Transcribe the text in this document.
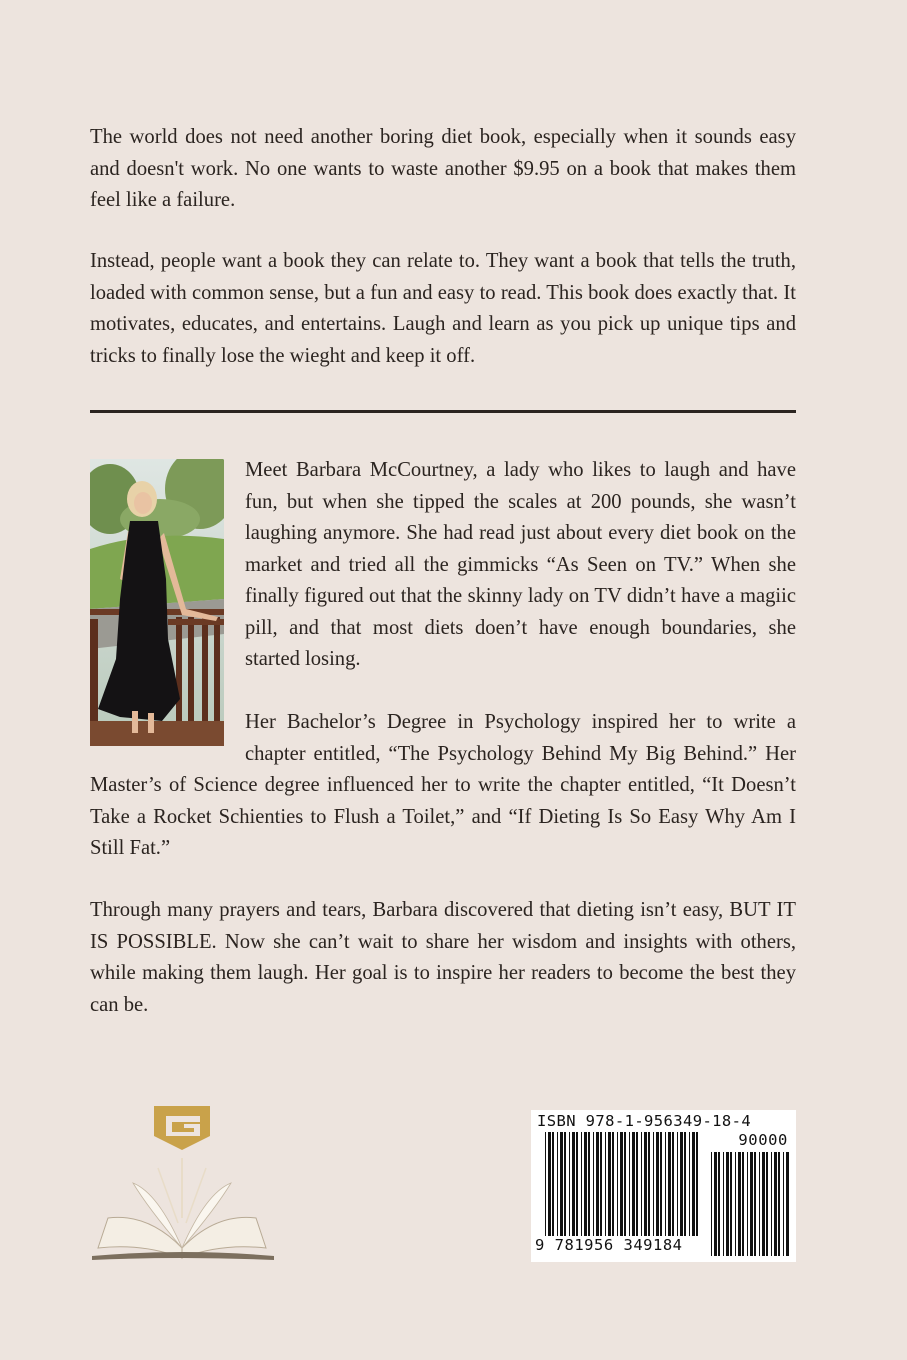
The world does not need another boring diet book, especially when it sounds easy and doesn't work. No one wants to waste another $9.95 on a book that makes them feel like a failure.

Instead, people want a book they can relate to. They want a book that tells the truth, loaded with common sense, but a fun and easy to read. This book does exactly that. It motivates, educates, and entertains. Laugh and learn as you pick up unique tips and tricks to finally lose the wieght and keep it off.

Meet Barbara McCourtney, a lady who likes to laugh and have fun, but when she tipped the scales at 200 pounds, she wasn’t laughing anymore. She had read just about every diet book on the market and tried all the gimmicks “As Seen on TV.” When she finally figured out that the skinny lady on TV didn’t have a magiic pill, and that most diets doen’t have enough boundaries, she started losing.

Her Bachelor’s Degree in Psychology inspired her to write a chapter entitled, “The Psychology Behind My Big Behind.” Her Master’s of Science degree influenced her to write the chapter entitled, “It Doesn’t Take a Rocket Schienties to Flush a Toilet,” and “If Dieting Is So Easy Why Am I Still Fat.”

Through many prayers and tears, Barbara discovered that dieting isn’t easy, BUT IT IS POSSIBLE. Now she can’t wait to share her wisdom and insights with others, while making them laugh. Her goal is to inspire her readers to become the best they can be.

ISBN 978-1-956349-18-4
90000
9 781956 349184
